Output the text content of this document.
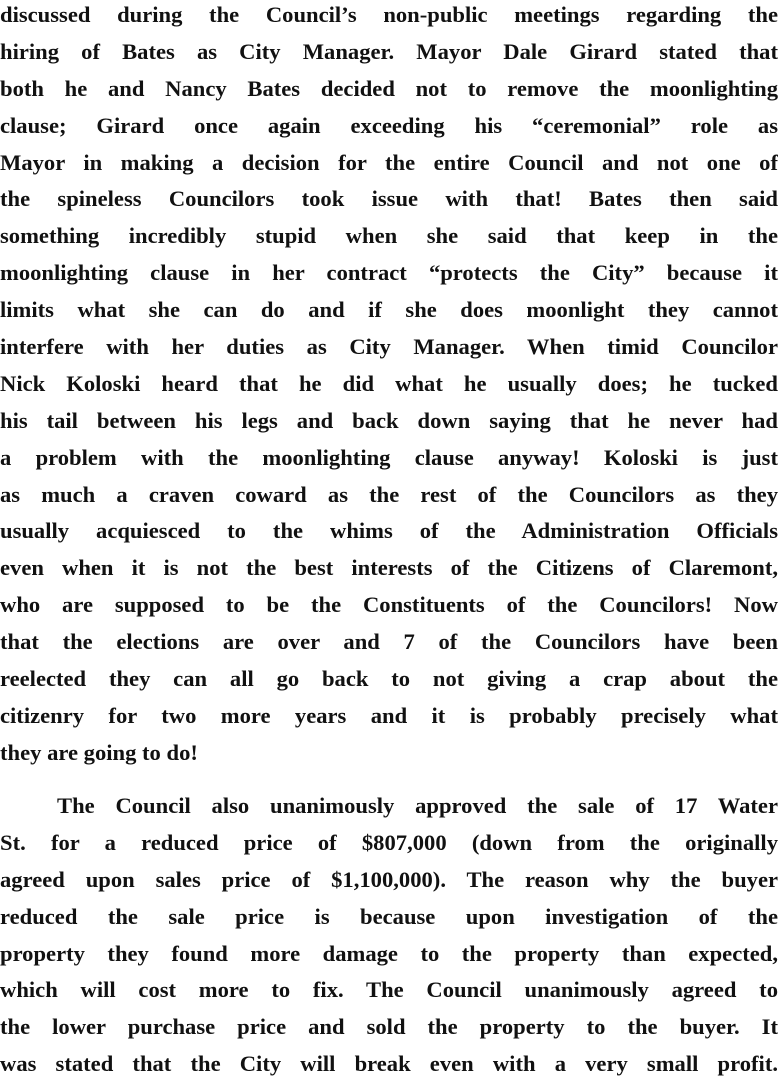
discussed during the Council’s non-public meetings regarding the
hiring of Bates as City Manager. Mayor Dale Girard stated that
both he and Nancy Bates decided not to remove the moonlighting
clause; Girard once again exceeding his “ceremonial” role as
Mayor in making a decision for the entire Council and not one of
the spineless Councilors took issue with that! Bates then said
something incredibly stupid when she said that keep in the
moonlighting clause in her contract “protects the City” because it
limits what she can do and if she does moonlight they cannot
interfere with her duties as City Manager. When timid Councilor
Nick Koloski heard that he did what he usually does; he tucked
his tail between his legs and back down saying that he never had
a problem with the moonlighting clause anyway! Koloski is just
as much a craven coward as the rest of the Councilors as they
usually acquiesced to the whims of the Administration Officials
even when it is not the best interests of the Citizens of Claremont,
who are supposed to be the Constituents of the Councilors! Now
that the elections are over and 7 of the Councilors have been
reelected they can all go back to not giving a crap about the
citizenry for two more years and it is probably precisely what
they are going to do!
The Council also unanimously approved the sale of 17 Water
St. for a reduced price of $807,000 (down from the originally
agreed upon sales price of $1,100,000). The reason why the buyer
reduced the sale price is because upon investigation of the
property they found more damage to the property than expected,
which will cost more to fix. The Council unanimously agreed to
the lower purchase price and sold the property to the buyer. It
was stated that the City will break even with a very small profit.
